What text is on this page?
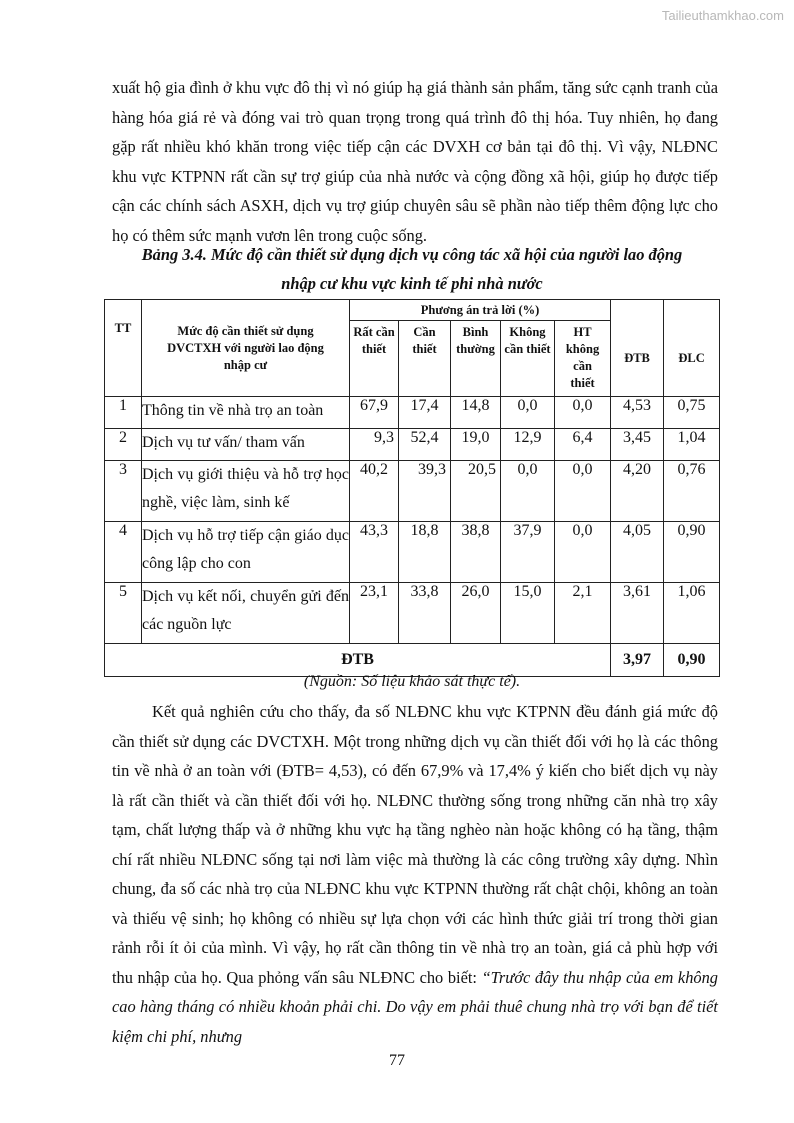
Tailieuthamkhao.com

xuất hộ gia đình ở khu vực đô thị vì nó giúp hạ giá thành sản phẩm, tăng sức cạnh tranh của hàng hóa giá rẻ và đóng vai trò quan trọng trong quá trình đô thị hóa. Tuy nhiên, họ đang gặp rất nhiều khó khăn trong việc tiếp cận các DVXH cơ bản tại đô thị. Vì vậy, NLĐNC khu vực KTPNN rất cần sự trợ giúp của nhà nước và cộng đồng xã hội, giúp họ được tiếp cận các chính sách ASXH, dịch vụ trợ giúp chuyên sâu sẽ phần nào tiếp thêm động lực cho họ có thêm sức mạnh vươn lên trong cuộc sống.

Bảng 3.4. Mức độ cần thiết sử dụng dịch vụ công tác xã hội của người lao động
nhập cư khu vực kinh tế phi nhà nước
TT	Mức độ cần thiết sử dụng DVCTXH với người lao động nhập cư	Phương án trả lời (%)					ĐTB	ĐLC
		Rất cần thiết	Cần thiết	Bình thường	Không cần thiết	HT không cần thiết		
1	Thông tin về nhà trọ an toàn	67,9	17,4	14,8	0,0	0,0	4,53	0,75
2	Dịch vụ tư vấn/ tham vấn	9,3	52,4	19,0	12,9	6,4	3,45	1,04
3	Dịch vụ giới thiệu và hỗ trợ học nghề, việc làm, sinh kế	40,2	39,3	20,5	0,0	0,0	4,20	0,76
4	Dịch vụ hỗ trợ tiếp cận giáo dục công lập cho con	43,3	18,8	38,8	37,9	0,0	4,05	0,90
5	Dịch vụ kết nối, chuyển gửi đến các nguồn lực	23,1	33,8	26,0	15,0	2,1	3,61	1,06
ĐTB							3,97	0,90

(Nguồn: Số liệu khảo sát thực tế).

Kết quả nghiên cứu cho thấy, đa số NLĐNC khu vực KTPNN đều đánh giá mức độ cần thiết sử dụng các DVCTXH. Một trong những dịch vụ cần thiết đối với họ là các thông tin về nhà ở an toàn với (ĐTB= 4,53), có đến 67,9% và 17,4% ý kiến cho biết dịch vụ này là rất cần thiết và cần thiết đối với họ. NLĐNC thường sống trong những căn nhà trọ xây tạm, chất lượng thấp và ở những khu vực hạ tầng nghèo nàn hoặc không có hạ tầng, thậm chí rất nhiều NLĐNC sống tại nơi làm việc mà thường là các công trường xây dựng. Nhìn chung, đa số các nhà trọ của NLĐNC khu vực KTPNN thường rất chật chội, không an toàn và thiếu vệ sinh; họ không có nhiều sự lựa chọn với các hình thức giải trí trong thời gian rảnh rỗi ít ỏi của mình. Vì vậy, họ rất cần thông tin về nhà trọ an toàn, giá cả phù hợp với thu nhập của họ. Qua phỏng vấn sâu NLĐNC cho biết: “Trước đây thu nhập của em không cao hàng tháng có nhiều khoản phải chi. Do vậy em phải thuê chung nhà trọ với bạn để tiết kiệm chi phí, nhưng

77
